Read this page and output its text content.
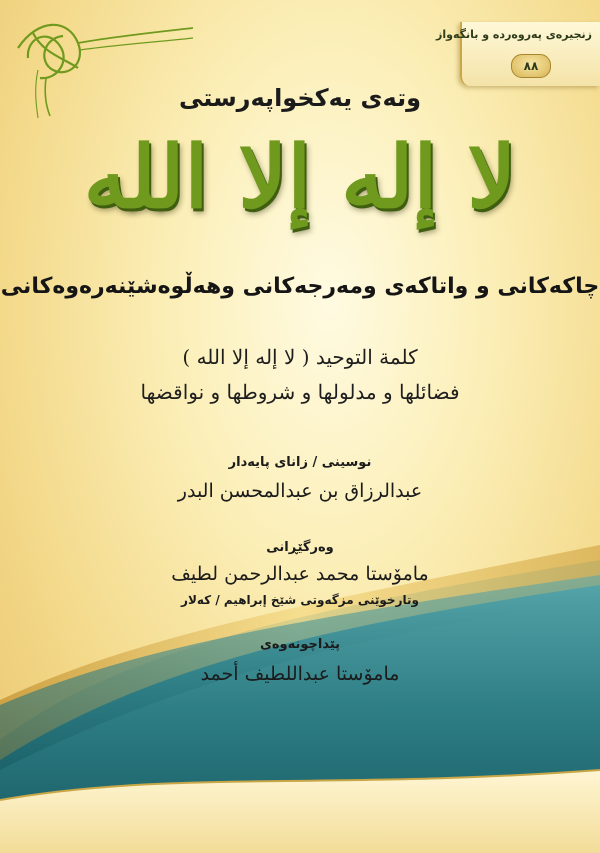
زنجیرەی پەروەردە و بانگەواز
٨٨
وتەی یەکخواپەرستی
لا إله إلا الله
چاکەکانی و واتاکەی ومەرجەکانی وهەڵوەشێنەرەوەکانی
كلمة التوحيد ( لا إله إلا الله )
فضائلها و مدلولها و شروطها و نواقضها
نوسینی / زانای پایەدار
عبدالرزاق بن عبدالمحسن البدر
وەرگێڕانی
مامۆستا محمد عبدالرحمن لطیف
وتارخوێنی مزگەوتی شێخ إبراهیم / کەلار
پێداچونەوەی
مامۆستا عبداللطیف أحمد
